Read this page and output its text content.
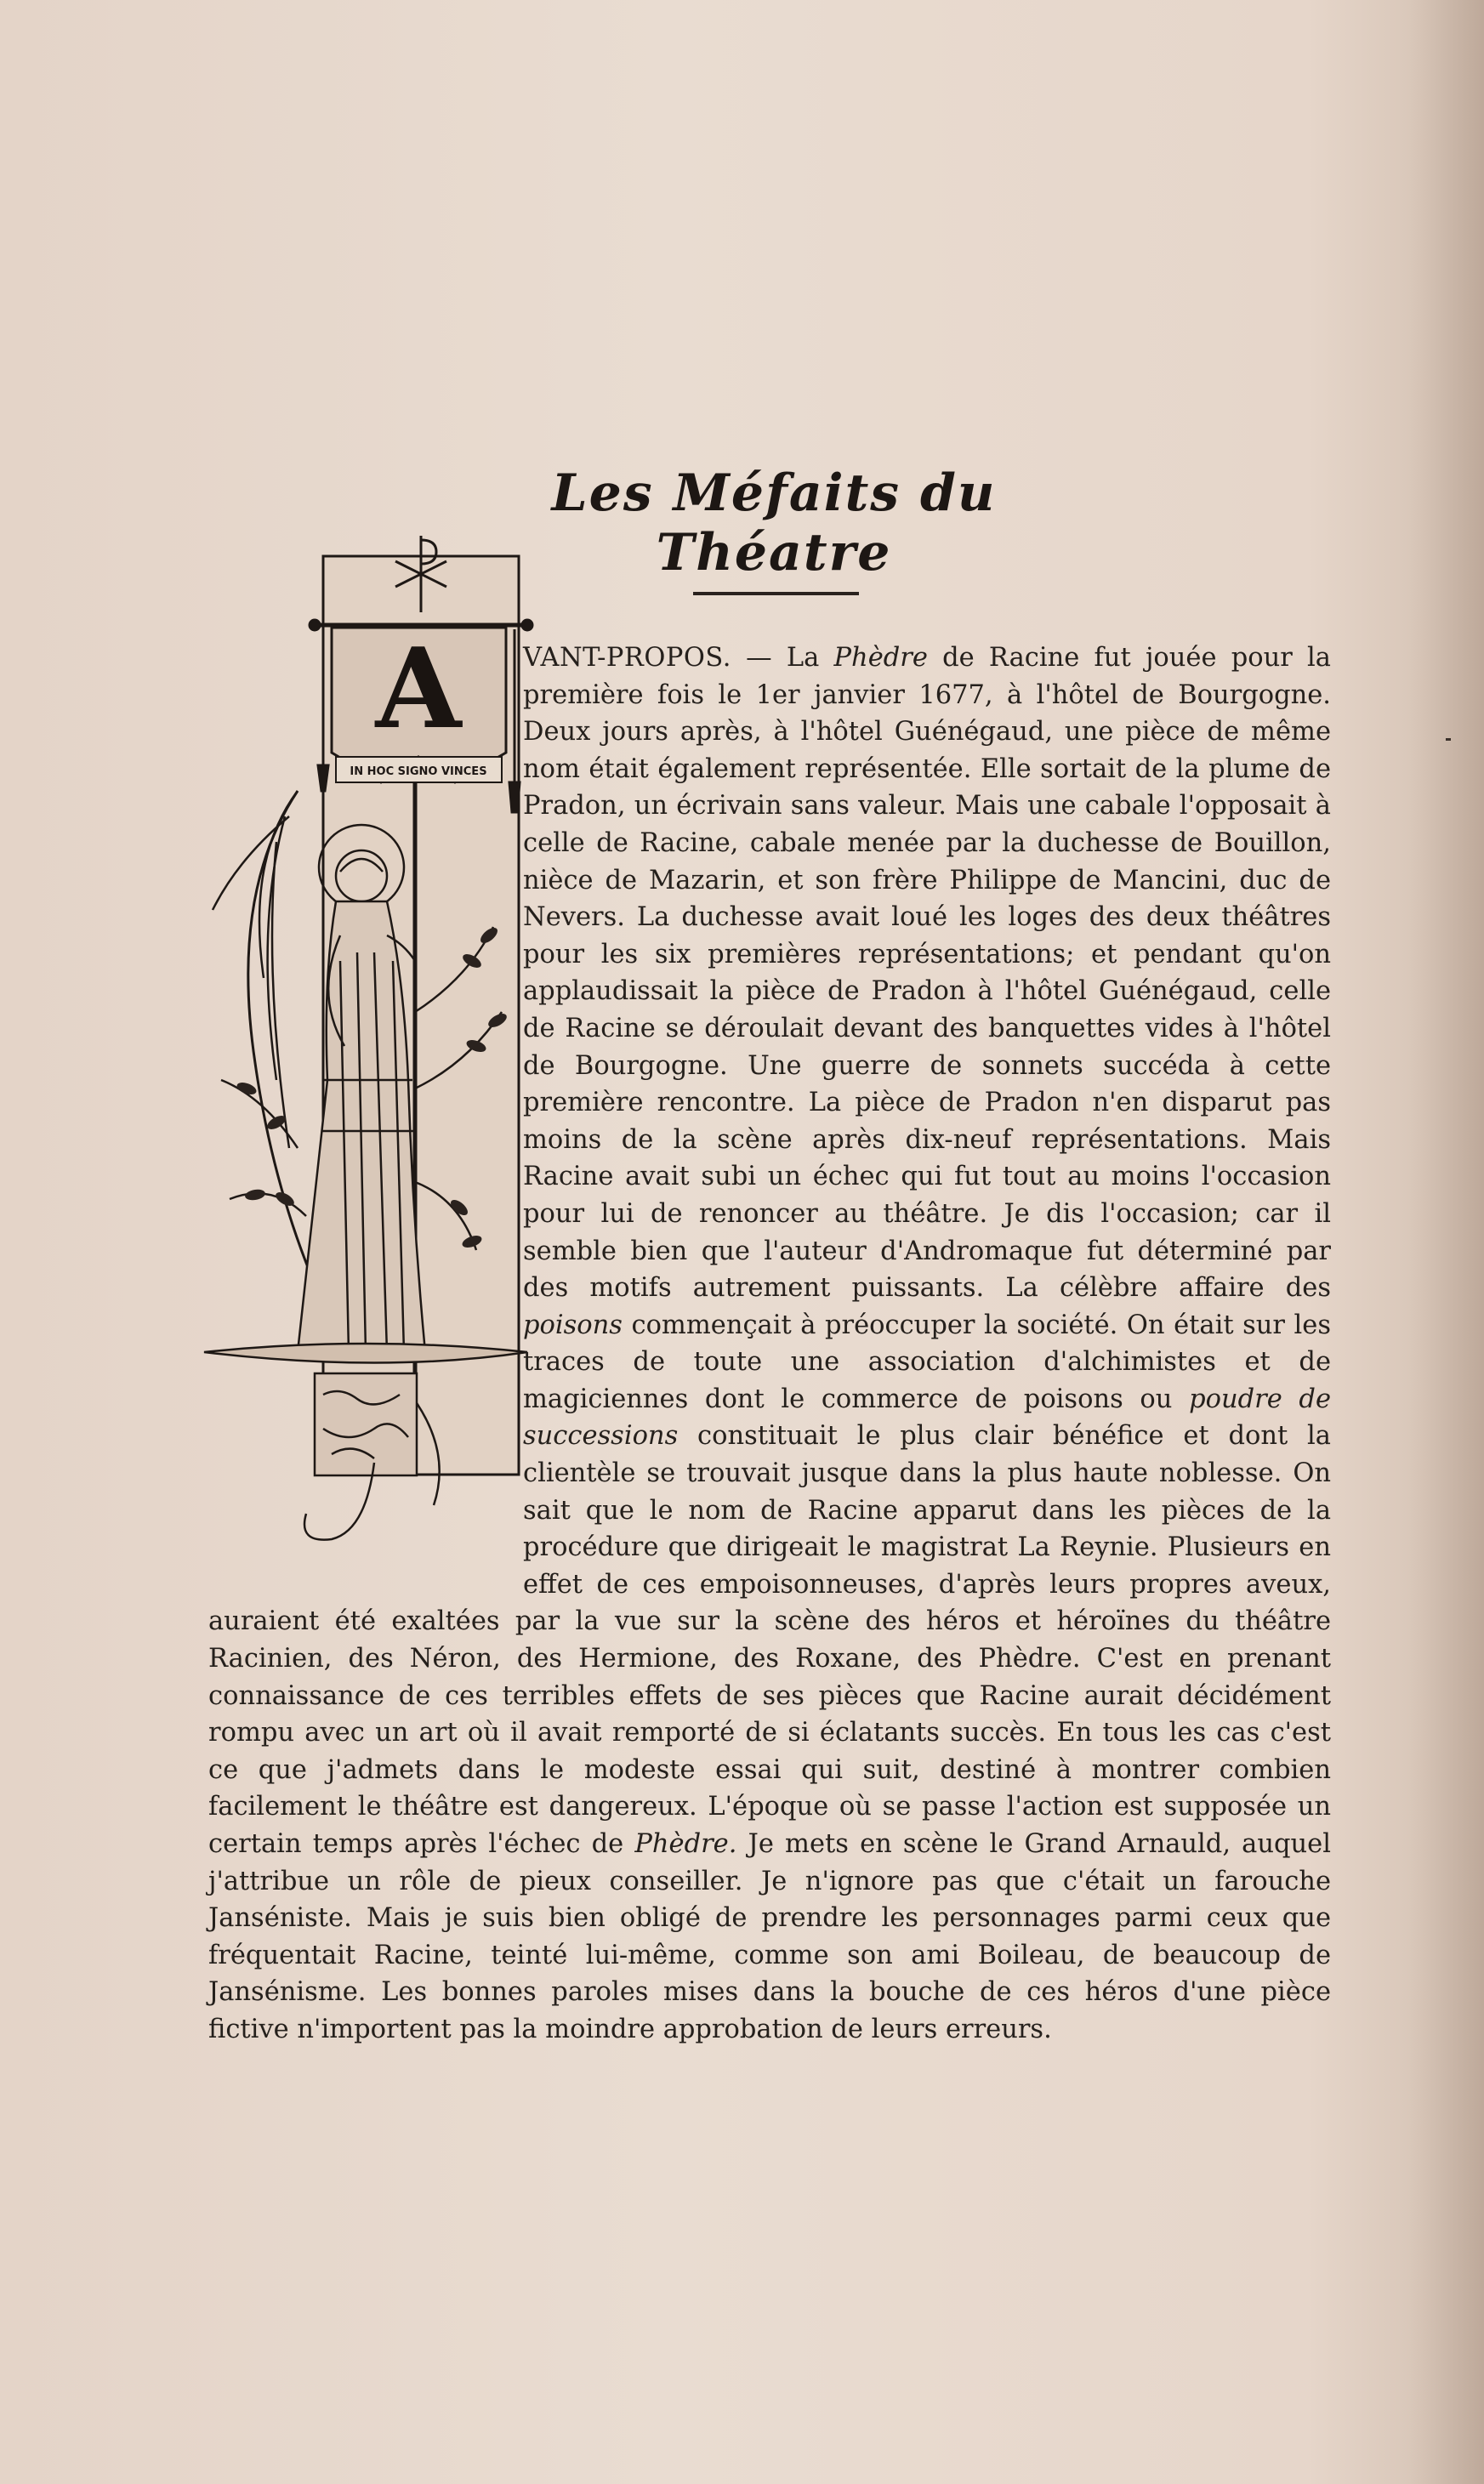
Les Méfaits du Théatre
A
IN HOC SIGNO VINCES
VANT-PROPOS. — La Phèdre de Racine fut jouée pour la première fois le 1er janvier 1677, à l'hôtel de Bourgogne. Deux jours après, à l'hôtel Guénégaud, une pièce de même nom était également représentée. Elle sortait de la plume de Pradon, un écrivain sans valeur. Mais une cabale l'opposait à celle de Racine, cabale menée par la duchesse de Bouillon, nièce de Mazarin, et son frère Philippe de Mancini, duc de Nevers. La duchesse avait loué les loges des deux théâtres pour les six premières représentations; et pendant qu'on applaudissait la pièce de Pradon à l'hôtel Guénégaud, celle de Racine se déroulait devant des banquettes vides à l'hôtel de Bourgogne. Une guerre de sonnets succéda à cette première rencontre. La pièce de Pradon n'en disparut pas moins de la scène après dix-neuf représentations. Mais Racine avait subi un échec qui fut tout au moins l'occasion pour lui de renoncer au théâtre. Je dis l'occasion; car il semble bien que l'auteur d'Andromaque fut déterminé par des motifs autrement puissants. La célèbre affaire des poisons commençait à préoccuper la société. On était sur les traces de toute une association d'alchimistes et de magiciennes dont le commerce de poisons ou poudre de successions constituait le plus clair bénéfice et dont la clientèle se trouvait jusque dans la plus haute noblesse. On sait que le nom de Racine apparut dans les pièces de la procédure que dirigeait le magistrat La Reynie. Plusieurs en effet de ces empoisonneuses, d'après leurs propres aveux, auraient été exaltées par la vue sur la scène des héros et héroïnes du théâtre Racinien, des Néron, des Hermione, des Roxane, des Phèdre. C'est en prenant connaissance de ces terribles effets de ses pièces que Racine aurait décidément rompu avec un art où il avait remporté de si éclatants succès. En tous les cas c'est ce que j'admets dans le modeste essai qui suit, destiné à montrer combien facilement le théâtre est dangereux. L'époque où se passe l'action est supposée un certain temps après l'échec de Phèdre. Je mets en scène le Grand Arnauld, auquel j'attribue un rôle de pieux conseiller. Je n'ignore pas que c'était un farouche Janséniste. Mais je suis bien obligé de prendre les personnages parmi ceux que fréquentait Racine, teinté lui-même, comme son ami Boileau, de beaucoup de Jansénisme. Les bonnes paroles mises dans la bouche de ces héros d'une pièce fictive n'importent pas la moindre approbation de leurs erreurs.
